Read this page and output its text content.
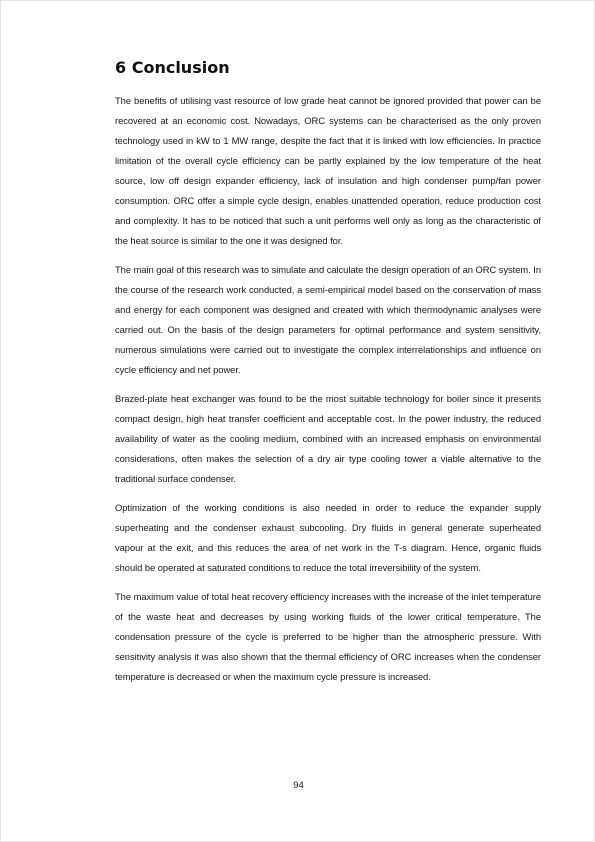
6 Conclusion

The benefits of utilising vast resource of low grade heat cannot be ignored provided that power can be recovered at an economic cost. Nowadays, ORC systems can be characterised as the only proven technology used in kW to 1 MW range, despite the fact that it is linked with low efficiencies. In practice limitation of the overall cycle efficiency can be partly explained by the low temperature of the heat source, low off design expander efficiency, lack of insulation and high condenser pump/fan power consumption. ORC offer a simple cycle design, enables unattended operation, reduce production cost and complexity. It has to be noticed that such a unit performs well only as long as the characteristic of the heat source is similar to the one it was designed for.

The main goal of this research was to simulate and calculate the design operation of an ORC system. In the course of the research work conducted, a semi-empirical model based on the conservation of mass and energy for each component was designed and created with which thermodynamic analyses were carried out. On the basis of the design parameters for optimal performance and system sensitivity, numerous simulations were carried out to investigate the complex interrelationships and influence on cycle efficiency and net power.

Brazed-plate heat exchanger was found to be the most suitable technology for boiler since it presents compact design, high heat transfer coefficient and acceptable cost. In the power industry, the reduced availability of water as the cooling medium, combined with an increased emphasis on environmental considerations, often makes the selection of a dry air type cooling tower a viable alternative to the traditional surface condenser.

Optimization of the working conditions is also needed in order to reduce the expander supply superheating and the condenser exhaust subcooling. Dry fluids in general generate superheated vapour at the exit, and this reduces the area of net work in the T-s diagram. Hence, organic fluids should be operated at saturated conditions to reduce the total irreversibility of the system.

The maximum value of total heat recovery efficiency increases with the increase of the inlet temperature of the waste heat and decreases by using working fluids of the lower critical temperature. The condensation pressure of the cycle is preferred to be higher than the atmospheric pressure. With sensitivity analysis it was also shown that the thermal efficiency of ORC increases when the condenser temperature is decreased or when the maximum cycle pressure is increased.

94
